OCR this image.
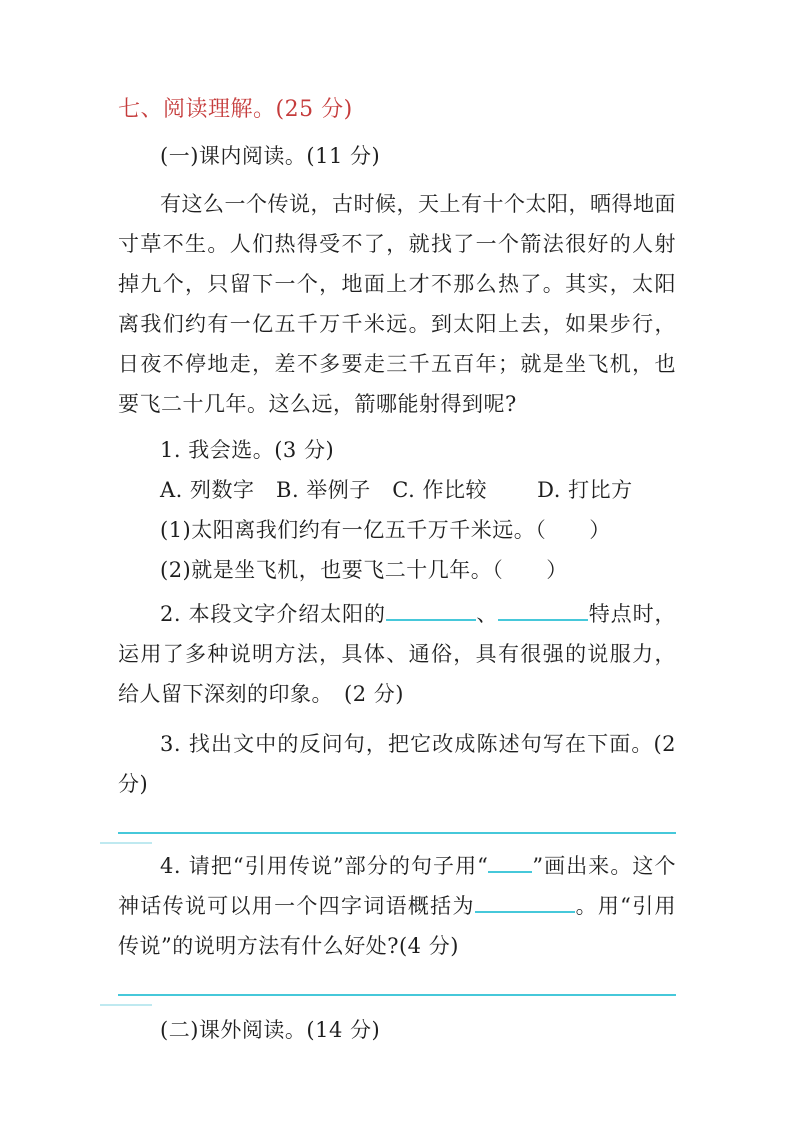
七、阅读理解。(25 分)

(一)课内阅读。(11 分)

有这么一个传说，古时候，天上有十个太阳，晒得地面寸草不生。人们热得受不了，就找了一个箭法很好的人射掉九个，只留下一个，地面上才不那么热了。其实，太阳离我们约有一亿五千万千米远。到太阳上去，如果步行，日夜不停地走，差不多要走三千五百年；就是坐飞机，也要飞二十几年。这么远，箭哪能射得到呢?

1. 我会选。(3 分)

A. 列数字　B. 举例子　C. 作比较　　 D. 打比方

(1)太阳离我们约有一亿五千万千米远。（　　）

(2)就是坐飞机，也要飞二十几年。（　　）

2. 本段文字介绍太阳的	、	特点时，运用了多种说明方法，具体、通俗，具有很强的说服力，给人留下深刻的印象。　(2 分)

3. 找出文中的反问句，把它改成陈述句写在下面。(2 分)

4. 请把“引用传说”部分的句子用“ ”画出来。这个神话传说可以用一个四字词语概括为	。用“引用传说”的说明方法有什么好处?(4 分)

(二)课外阅读。(14 分)
